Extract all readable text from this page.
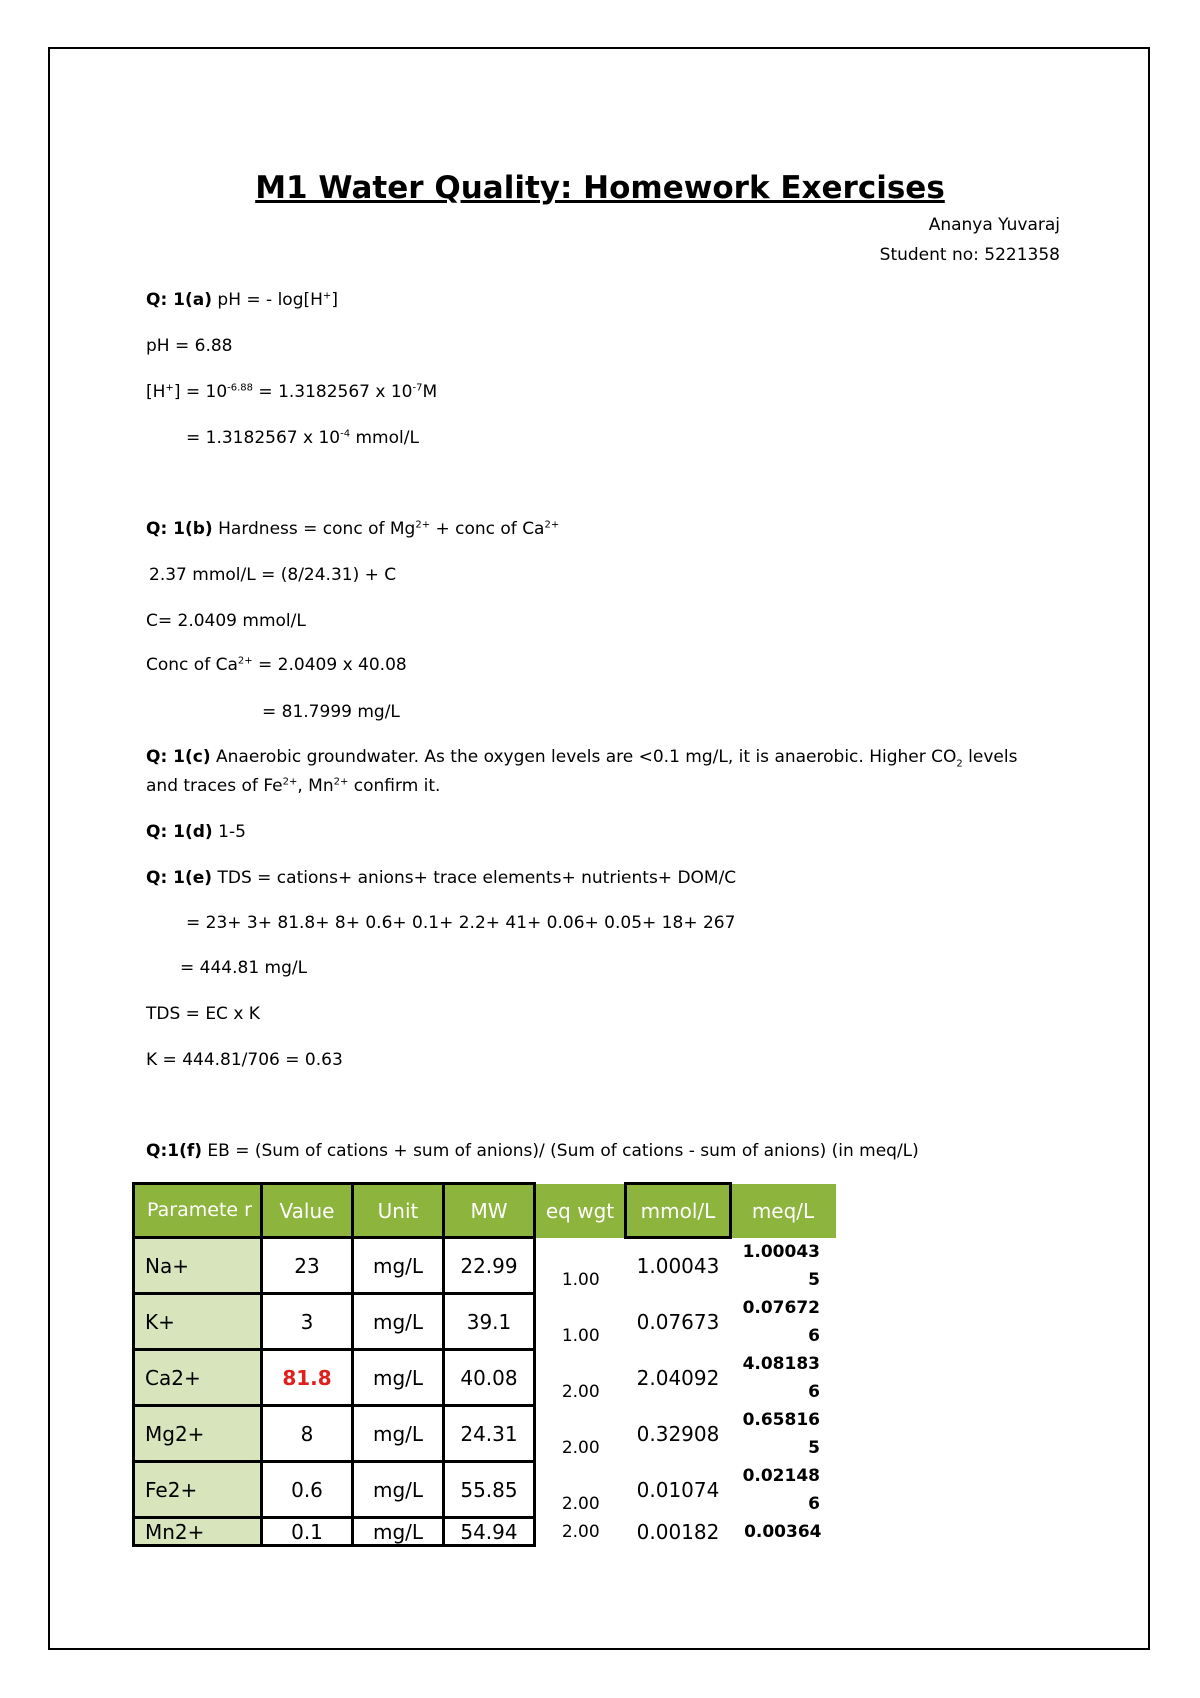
M1 Water Quality: Homework Exercises
Ananya Yuvaraj
Student no: 5221358
Q: 1(a) pH = - log[H+]
pH = 6.88
$[H^+] = 10^{-6.88} = 1.3182567$ x $10^{-7}M$
= 1.3182567 x $10^{-4}$ mmol/L
Q: 1(b) Hardness = conc of $Mg^{2+}$ + conc of $Ca^{2+}$
2.37 mmol/L = (8/24.31) + C
C= 2.0409 mmol/L
Conc of $Ca^{2+} = 2.0409$ x 40.08
= 81.7999 mg/L
Q: 1(c) Anaerobic groundwater. As the oxygen levels are <0.1 mg/L, it is anaerobic. Higher $CO_2$ levels
and traces of $Fe^{2+}$, $Mn^{2+}$ confirm it.
Q: 1(d) 1-5
Q: 1(e) TDS = cations+ anions+ trace elements+ nutrients+ DOM/C
= 23+ 3+ 81.8+ 8+ 0.6+ 0.1+ 2.2+ 41+ 0.06+ 0.05+ 18+ 267
= 444.81 mg/L
TDS = EC x K
K = 444.81/706 = 0.63
Q:1(f) EB = (Sum of cations + sum of anions)/ (Sum of cations - sum of anions) (in meq/L)
Paramete r	Value	Unit	MW	eq wgt	mmol/L	meq/L
Na+	23	mg/L	22.99	1.00	1.00043	1.00043
5
K+	3	mg/L	39.1	1.00	0.07673	0.07672
6
Ca2+	81.8	mg/L	40.08	2.00	2.04092	4.08183
6
Mg2+	8	mg/L	24.31	2.00	0.32908	0.65816
5
Fe2+	0.6	mg/L	55.85	2.00	0.01074	0.02148
6
Mn2+	0.1	mg/L	54.94	2.00	0.00182	0.00364
